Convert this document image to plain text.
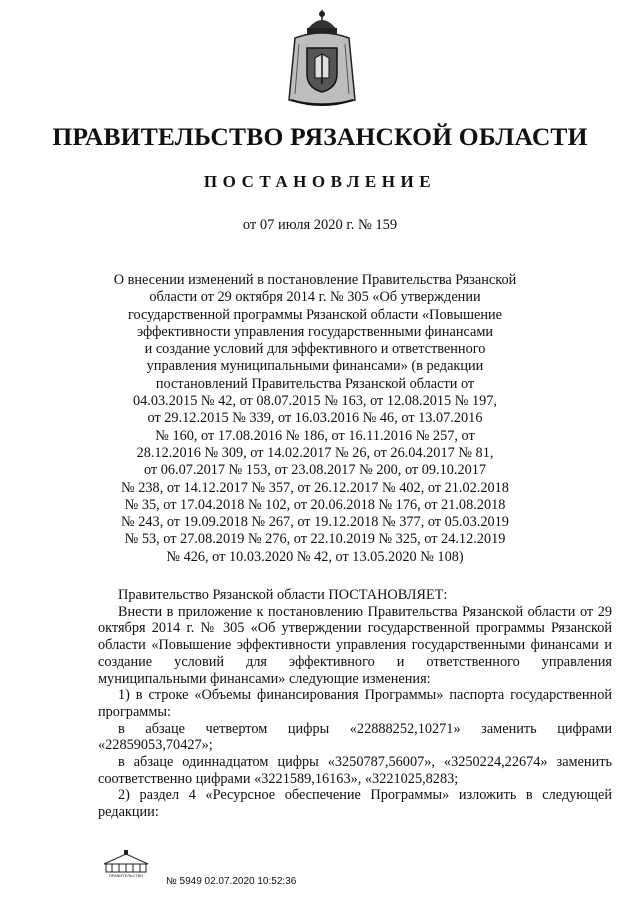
ПРАВИТЕЛЬСТВО РЯЗАНСКОЙ ОБЛАСТИ
ПОСТАНОВЛЕНИЕ
от 07 июля 2020 г. № 159
О внесении изменений в постановление Правительства Рязанской
области от 29 октября 2014 г. № 305 «Об утверждении
государственной программы Рязанской области «Повышение
эффективности управления государственными финансами
и создание условий для эффективного и ответственного
управления муниципальными финансами» (в редакции
постановлений Правительства Рязанской области от
04.03.2015 № 42, от 08.07.2015 № 163, от 12.08.2015 № 197,
от 29.12.2015 № 339, от 16.03.2016 № 46, от 13.07.2016
№ 160, от 17.08.2016 № 186, от 16.11.2016 № 257, от
28.12.2016 № 309, от 14.02.2017 № 26, от 26.04.2017 № 81,
от 06.07.2017 № 153, от 23.08.2017 № 200, от 09.10.2017
№ 238, от 14.12.2017 № 357, от 26.12.2017 № 402, от 21.02.2018
№ 35, от 17.04.2018 № 102, от 20.06.2018 № 176, от 21.08.2018
№ 243, от 19.09.2018 № 267, от 19.12.2018 № 377, от 05.03.2019
№ 53, от 27.08.2019 № 276, от 22.10.2019 № 325, от 24.12.2019
№ 426, от 10.03.2020 № 42, от 13.05.2020 № 108)

Правительство Рязанской области ПОСТАНОВЛЯЕТ:

Внести в приложение к постановлению Правительства Рязанской области от 29 октября 2014 г. № 305 «Об утверждении государственной программы Рязанской области «Повышение эффективности управления государственными финансами и создание условий для эффективного и ответственного управления муниципальными финансами» следующие изменения:

1) в строке «Объемы финансирования Программы» паспорта государственной программы:

в абзаце четвертом цифры «22888252,10271» заменить цифрами «22859053,70427»;

в абзаце одиннадцатом цифры «3250787,56007», «3250224,22674» заменить соответственно цифрами «3221589,16163», «3221025,8283;

2) раздел 4 «Ресурсное обеспечение Программы» изложить в следующей редакции:

ПРАВИТЕЛЬСТВО
№ 5949 02.07.2020 10:52:36
